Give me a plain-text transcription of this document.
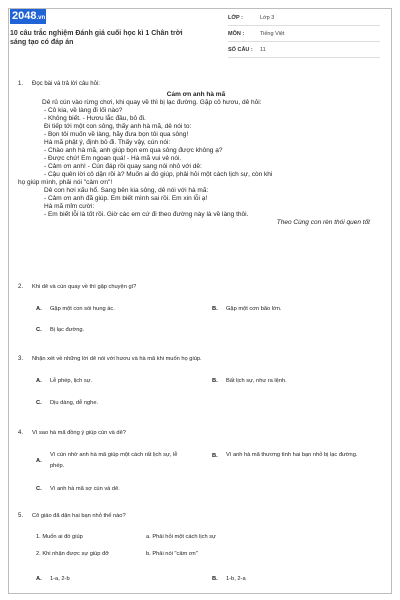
2048.vn
10 câu trắc nghiệm Đánh giá cuối học kì 1 Chân trời sáng tạo có đáp án
LỚP :	Lớp 3
MÔN :	Tiếng Việt
SỐ CÂU :	11
1.	Đọc bài và trả lời câu hỏi:
Cảm ơn anh hà mã
Dê rủ cún vào rừng chơi, khi quay về thì bị lạc đường. Gặp cô hươu, dê hỏi:
- Cô kia, về làng đi lối nào?
- Không biết. - Hươu lắc đầu, bỏ đi.
Đi tiếp tới một con sông, thấy anh hà mã, dê nói to:
- Bọn tôi muốn về làng, hãy đưa bọn tôi qua sông!
Hà mã phật ý, định bỏ đi. Thấy vậy, cún nói:
- Chào anh hà mã, anh giúp bọn em qua sông được không ạ?
- Được chứ! Em ngoan quá! - Hà mã vui vẻ nói.
- Cảm ơn anh! - Cún đáp rồi quay sang nói nhỏ với dê:
- Cậu quên lời cô dặn rồi à? Muốn ai đó giúp, phải hỏi một cách lịch sự, còn khi
họ giúp mình, phải nói "cảm ơn"!
Dê con hơi xấu hổ. Sang bên kia sông, dê nói với hà mã:
- Cảm ơn anh đã giúp. Em biết mình sai rồi. Em xin lỗi ạ!
Hà mã mỉm cười:
- Em biết lỗi là tốt rồi. Giờ các em cứ đi theo đường này là về làng thôi.
Theo Cùng con rèn thói quen tốt
2.	Khi dê và cún quay về thì gặp chuyện gì?
A.	Gặp một con sói hung ác.	B.	Gặp một cơn bão lớn.
C.	Bị lạc đường.
3.	Nhận xét về những lời dê nói với hươu và hà mã khi muốn họ giúp.
A.	Lễ phép, lịch sự.	B.	Bất lịch sự, như ra lệnh.
C.	Dịu dàng, dễ nghe.
4.	Vì sao hà mã đồng ý giúp cún và dê?
A.
Vì cún nhờ anh hà mã giúp một cách rất lịch sự, lễ phép.
B.	Vì anh hà mã thương tình hai bạn nhỏ bị lạc đường.
C.	Vì anh hà mã sợ cún và dê.
5.	Cô giáo đã dặn hai bạn nhỏ thế nào?
1. Muốn ai đó giúp	a. Phải hỏi một cách lịch sự
2. Khi nhận được sự giúp đỡ	b. Phải nói "cảm ơn"
A.	1-a, 2-b	B.	1-b, 2-a
